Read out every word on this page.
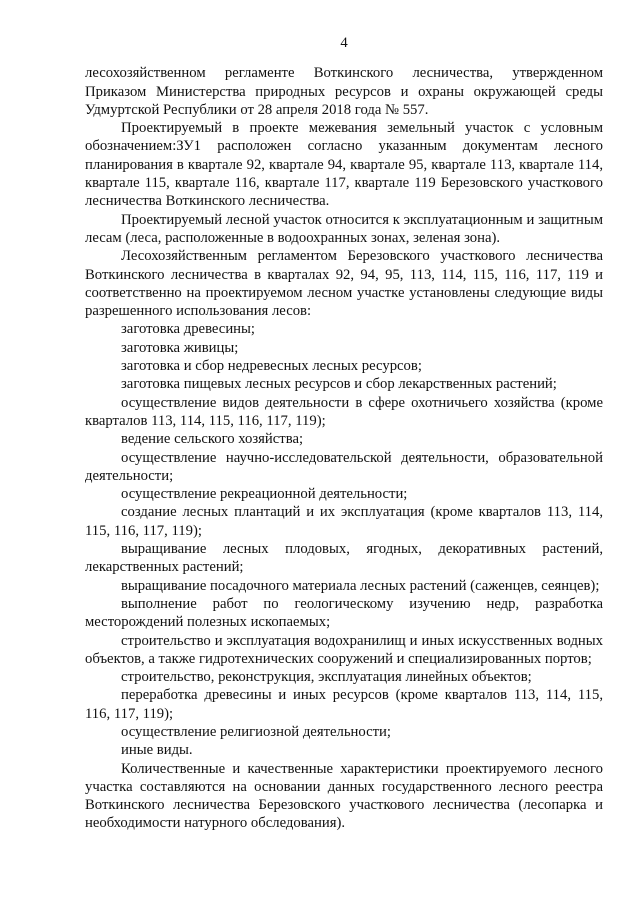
4

лесохозяйственном регламенте Воткинского лесничества, утвержденном Приказом Министерства природных ресурсов и охраны окружающей среды Удмуртской Республики от 28 апреля 2018 года № 557.

Проектируемый в проекте межевания земельный участок с условным обозначением:ЗУ1 расположен согласно указанным документам лесного планирования в квартале 92, квартале 94, квартале 95, квартале 113, квартале 114, квартале 115, квартале 116, квартале 117, квартале 119 Березовского участкового лесничества Воткинского лесничества.

Проектируемый лесной участок относится к эксплуатационным и защитным лесам (леса, расположенные в водоохранных зонах, зеленая зона).

Лесохозяйственным регламентом Березовского участкового лесничества Воткинского лесничества в кварталах 92, 94, 95, 113, 114, 115, 116, 117, 119 и соответственно на проектируемом лесном участке установлены следующие виды разрешенного использования лесов:

заготовка древесины;
заготовка живицы;
заготовка и сбор недревесных лесных ресурсов;
заготовка пищевых лесных ресурсов и сбор лекарственных растений;
осуществление видов деятельности в сфере охотничьего хозяйства (кроме кварталов 113, 114, 115, 116, 117, 119);
ведение сельского хозяйства;
осуществление научно-исследовательской деятельности, образовательной деятельности;
осуществление рекреационной деятельности;
создание лесных плантаций и их эксплуатация (кроме кварталов 113, 114, 115, 116, 117, 119);
выращивание лесных плодовых, ягодных, декоративных растений, лекарственных растений;
выращивание посадочного материала лесных растений (саженцев, сеянцев);
выполнение работ по геологическому изучению недр, разработка месторождений полезных ископаемых;
строительство и эксплуатация водохранилищ и иных искусственных водных объектов, а также гидротехнических сооружений и специализированных портов;
строительство, реконструкция, эксплуатация линейных объектов;
переработка древесины и иных ресурсов (кроме кварталов 113, 114, 115, 116, 117, 119);
осуществление религиозной деятельности;
иные виды.

Количественные и качественные характеристики проектируемого лесного участка составляются на основании данных государственного лесного реестра Воткинского лесничества Березовского участкового лесничества (лесопарка и необходимости натурного обследования).
